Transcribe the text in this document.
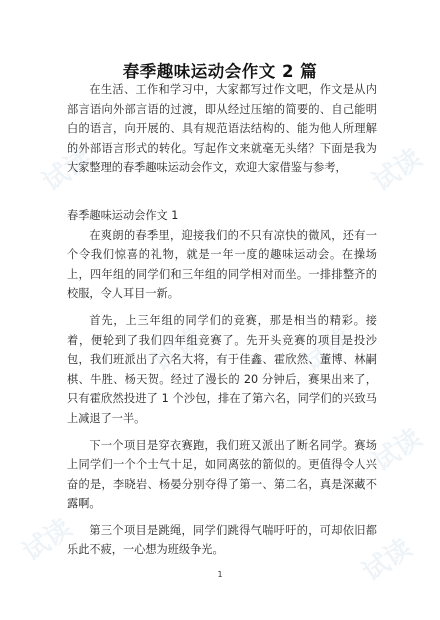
试读	试读
试读	试读
试读
试读	试读
春季趣味运动会作文 2 篇

在生活、工作和学习中，大家都写过作文吧，作文是从内部言语向外部言语的过渡，即从经过压缩的简要的、自己能明白的语言，向开展的、具有规范语法结构的、能为他人所理解的外部语言形式的转化。写起作文来就毫无头绪？下面是我为大家整理的春季趣味运动会作文，欢迎大家借鉴与参考，

春季趣味运动会作文 1

在爽朗的春季里，迎接我们的不只有凉快的微风，还有一个令我们惊喜的礼物，就是一年一度的趣味运动会。在操场上，四年组的同学们和三年组的同学相对而坐。一排排整齐的校服，令人耳目一新。

首先，上三年组的同学们的竞赛，那是相当的精彩。接着，便轮到了我们四年组竞赛了。先开头竞赛的项目是投沙包，我们班派出了六名大将，有于佳鑫、霍欣然、董博、林嗣棋、牛胜、杨天贺。经过了漫长的 20 分钟后，赛果出来了，只有霍欣然投进了 1 个沙包，排在了第六名，同学们的兴致马上减退了一半。

下一个项目是穿衣赛跑，我们班又派出了断名同学。赛场上同学们一个个士气十足，如同离弦的箭似的。更值得令人兴奋的是，李晓岩、杨晏分别夺得了第一、第二名，真是深藏不露啊。

第三个项目是跳绳，同学们跳得气喘吁吁的，可却依旧都乐此不疲，一心想为班级争光。

1
